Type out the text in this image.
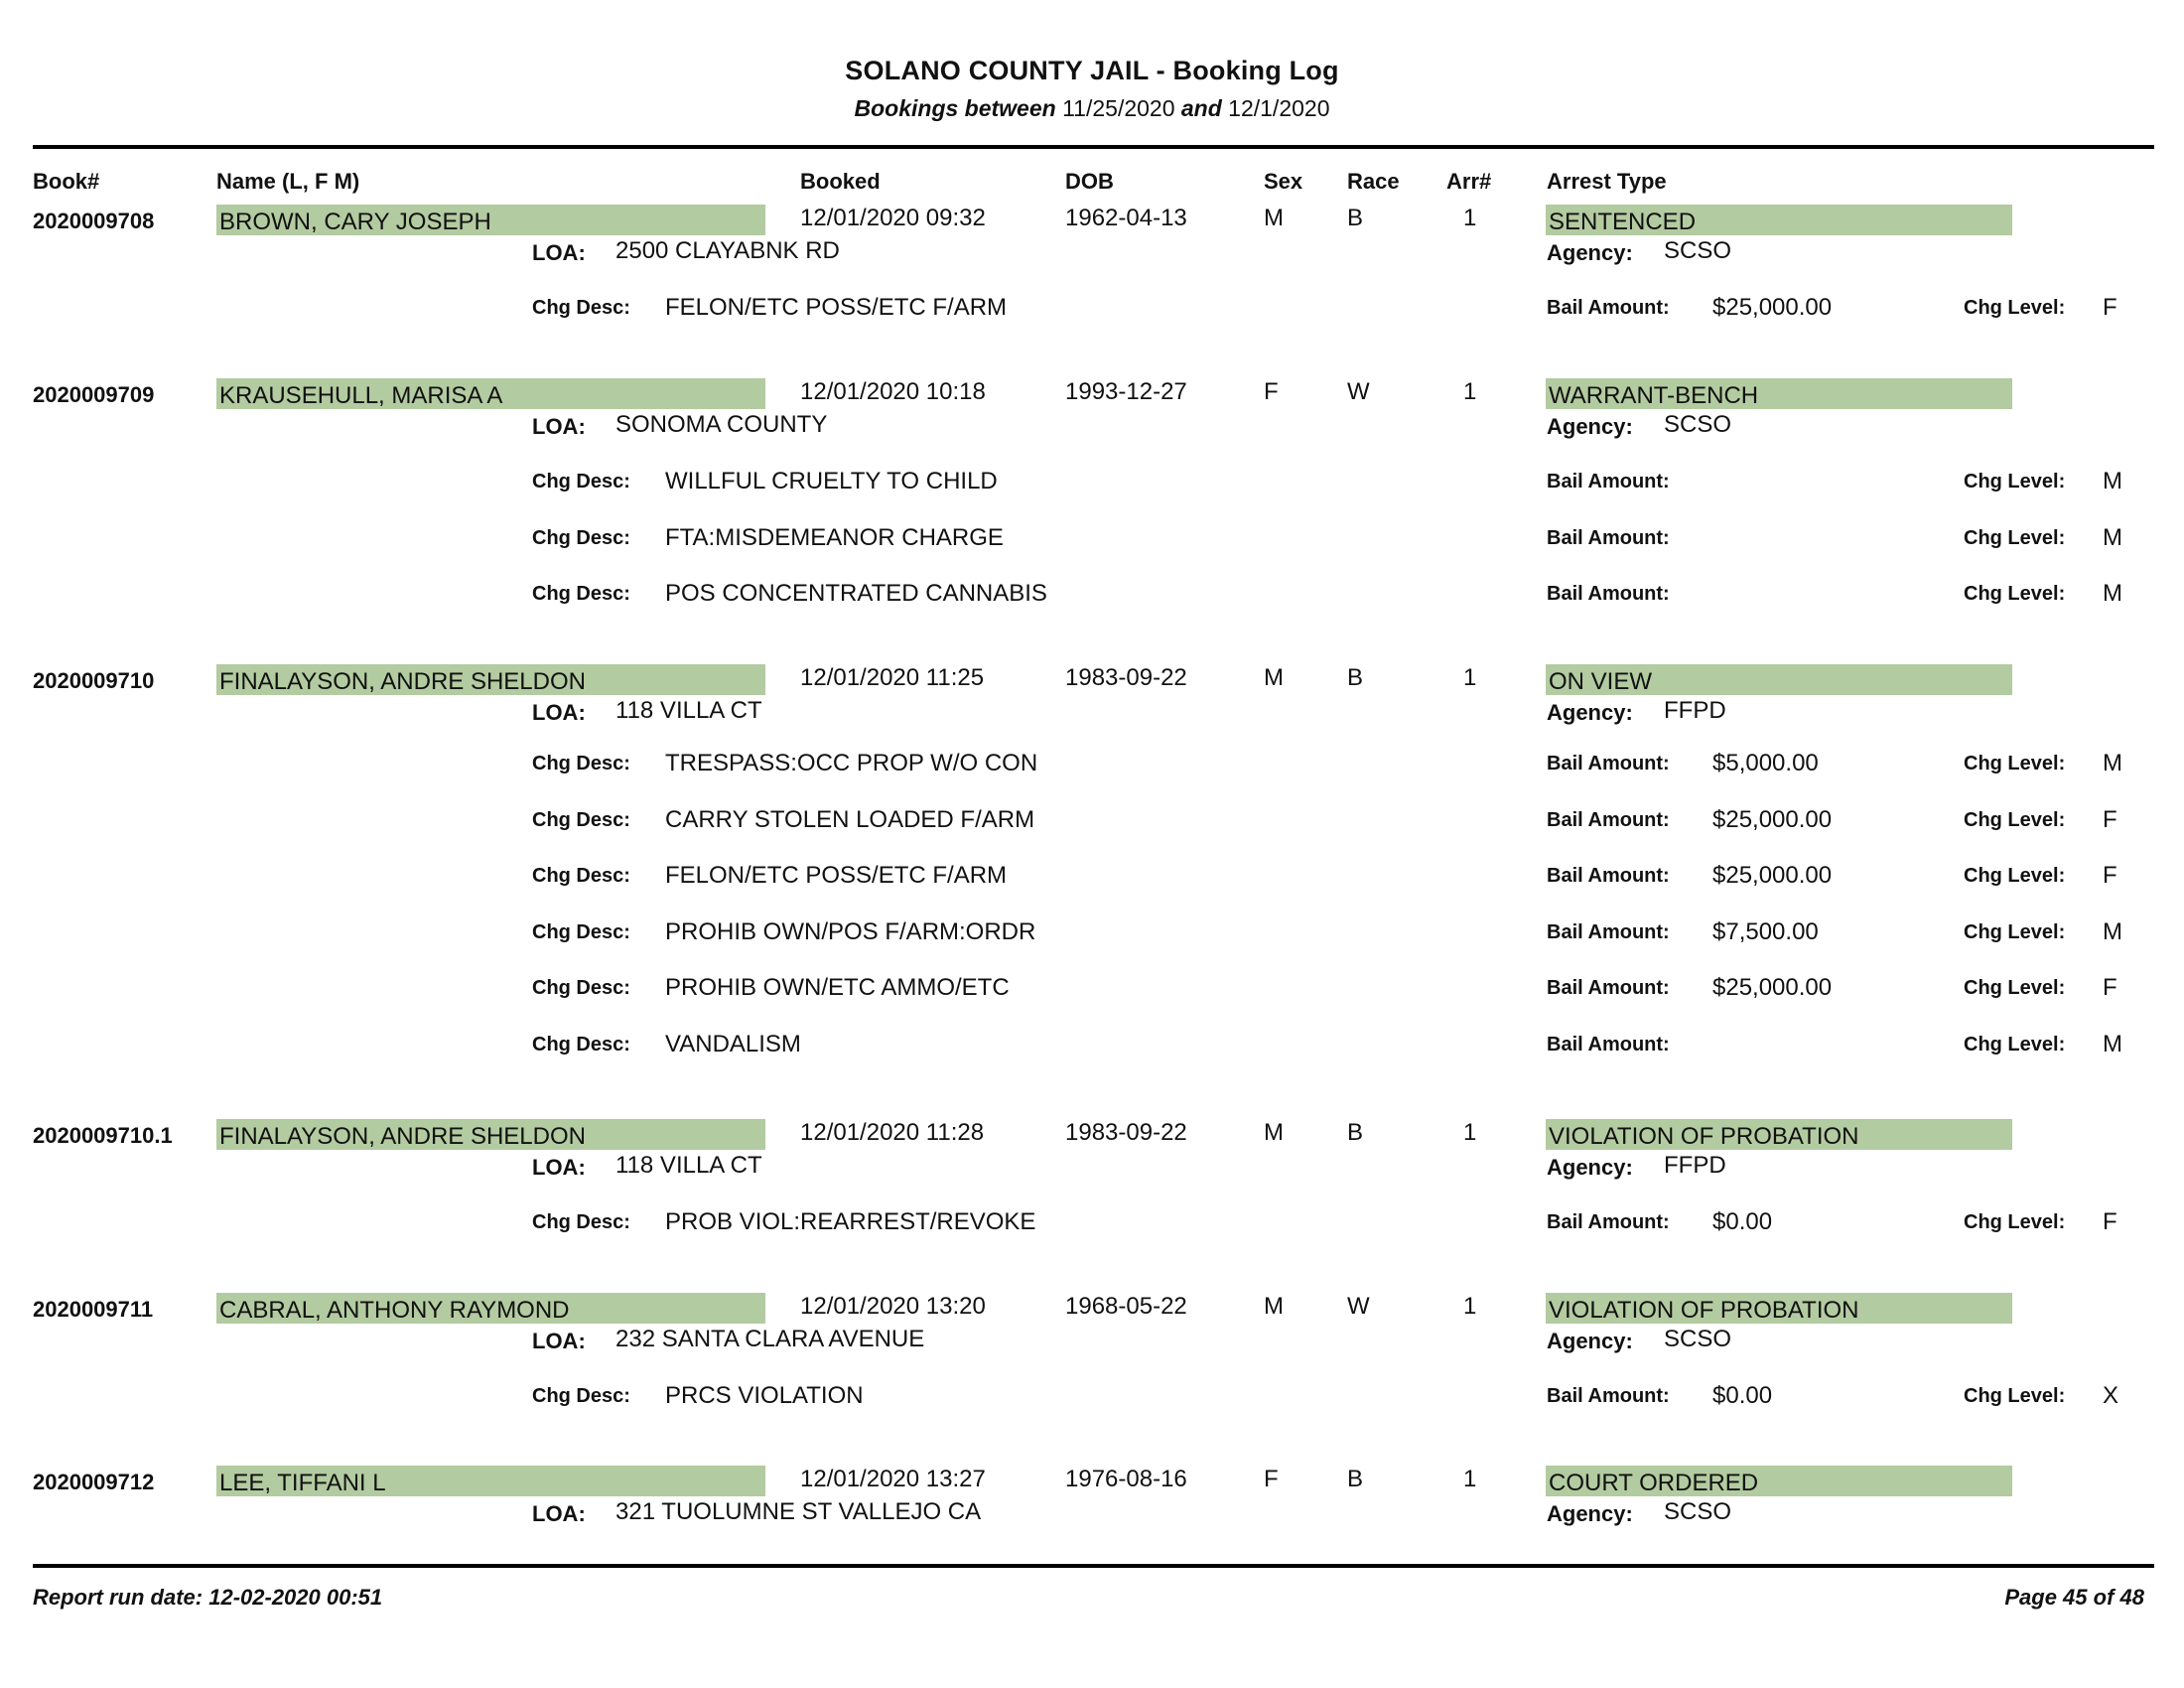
SOLANO COUNTY JAIL - Booking Log
Bookings between 11/25/2020 and 12/1/2020
Book#	Name (L, F M)	Booked	DOB	Sex Race Arr#	Arrest Type
2020009708	BROWN, CARY JOSEPH	12/01/2020 09:32	1962-04-13	M	B	1	SENTENCED
LOA: 2500 CLAYABNK RD	Agency: SCSO
Chg Desc: FELON/ETC POSS/ETC F/ARM	Bail Amount: $25,000.00	Chg Level: F
2020009709	KRAUSEHULL, MARISA A	12/01/2020 10:18	1993-12-27	F	W	1	WARRANT-BENCH
LOA: SONOMA COUNTY	Agency: SCSO
Chg Desc: WILLFUL CRUELTY TO CHILD	Bail Amount:	Chg Level: M
Chg Desc: FTA:MISDEMEANOR CHARGE	Bail Amount:	Chg Level: M
Chg Desc: POS CONCENTRATED CANNABIS	Bail Amount:	Chg Level: M
2020009710	FINALAYSON, ANDRE SHELDON	12/01/2020 11:25	1983-09-22	M	B	1	ON VIEW
LOA: 118 VILLA CT	Agency: FFPD
Chg Desc: TRESPASS:OCC PROP W/O CON	Bail Amount: $5,000.00	Chg Level: M
Chg Desc: CARRY STOLEN LOADED F/ARM	Bail Amount: $25,000.00	Chg Level: F
Chg Desc: FELON/ETC POSS/ETC F/ARM	Bail Amount: $25,000.00	Chg Level: F
Chg Desc: PROHIB OWN/POS F/ARM:ORDR	Bail Amount: $7,500.00	Chg Level: M
Chg Desc: PROHIB OWN/ETC AMMO/ETC	Bail Amount: $25,000.00	Chg Level: F
Chg Desc: VANDALISM	Bail Amount:	Chg Level: M
2020009710.1 FINALAYSON, ANDRE SHELDON	12/01/2020 11:28	1983-09-22	M	B	1	VIOLATION OF PROBATION
LOA: 118 VILLA CT	Agency: FFPD
Chg Desc: PROB VIOL:REARREST/REVOKE	Bail Amount: $0.00	Chg Level: F
2020009711	CABRAL, ANTHONY RAYMOND	12/01/2020 13:20	1968-05-22	M	W	1	VIOLATION OF PROBATION
LOA: 232 SANTA CLARA AVENUE	Agency: SCSO
Chg Desc: PRCS VIOLATION	Bail Amount: $0.00	Chg Level: X
2020009712	LEE, TIFFANI L	12/01/2020 13:27	1976-08-16	F	B	1	COURT ORDERED
LOA: 321 TUOLUMNE ST VALLEJO CA	Agency: SCSO
Report run date: 12-02-2020 00:51	Page 45 of 48
